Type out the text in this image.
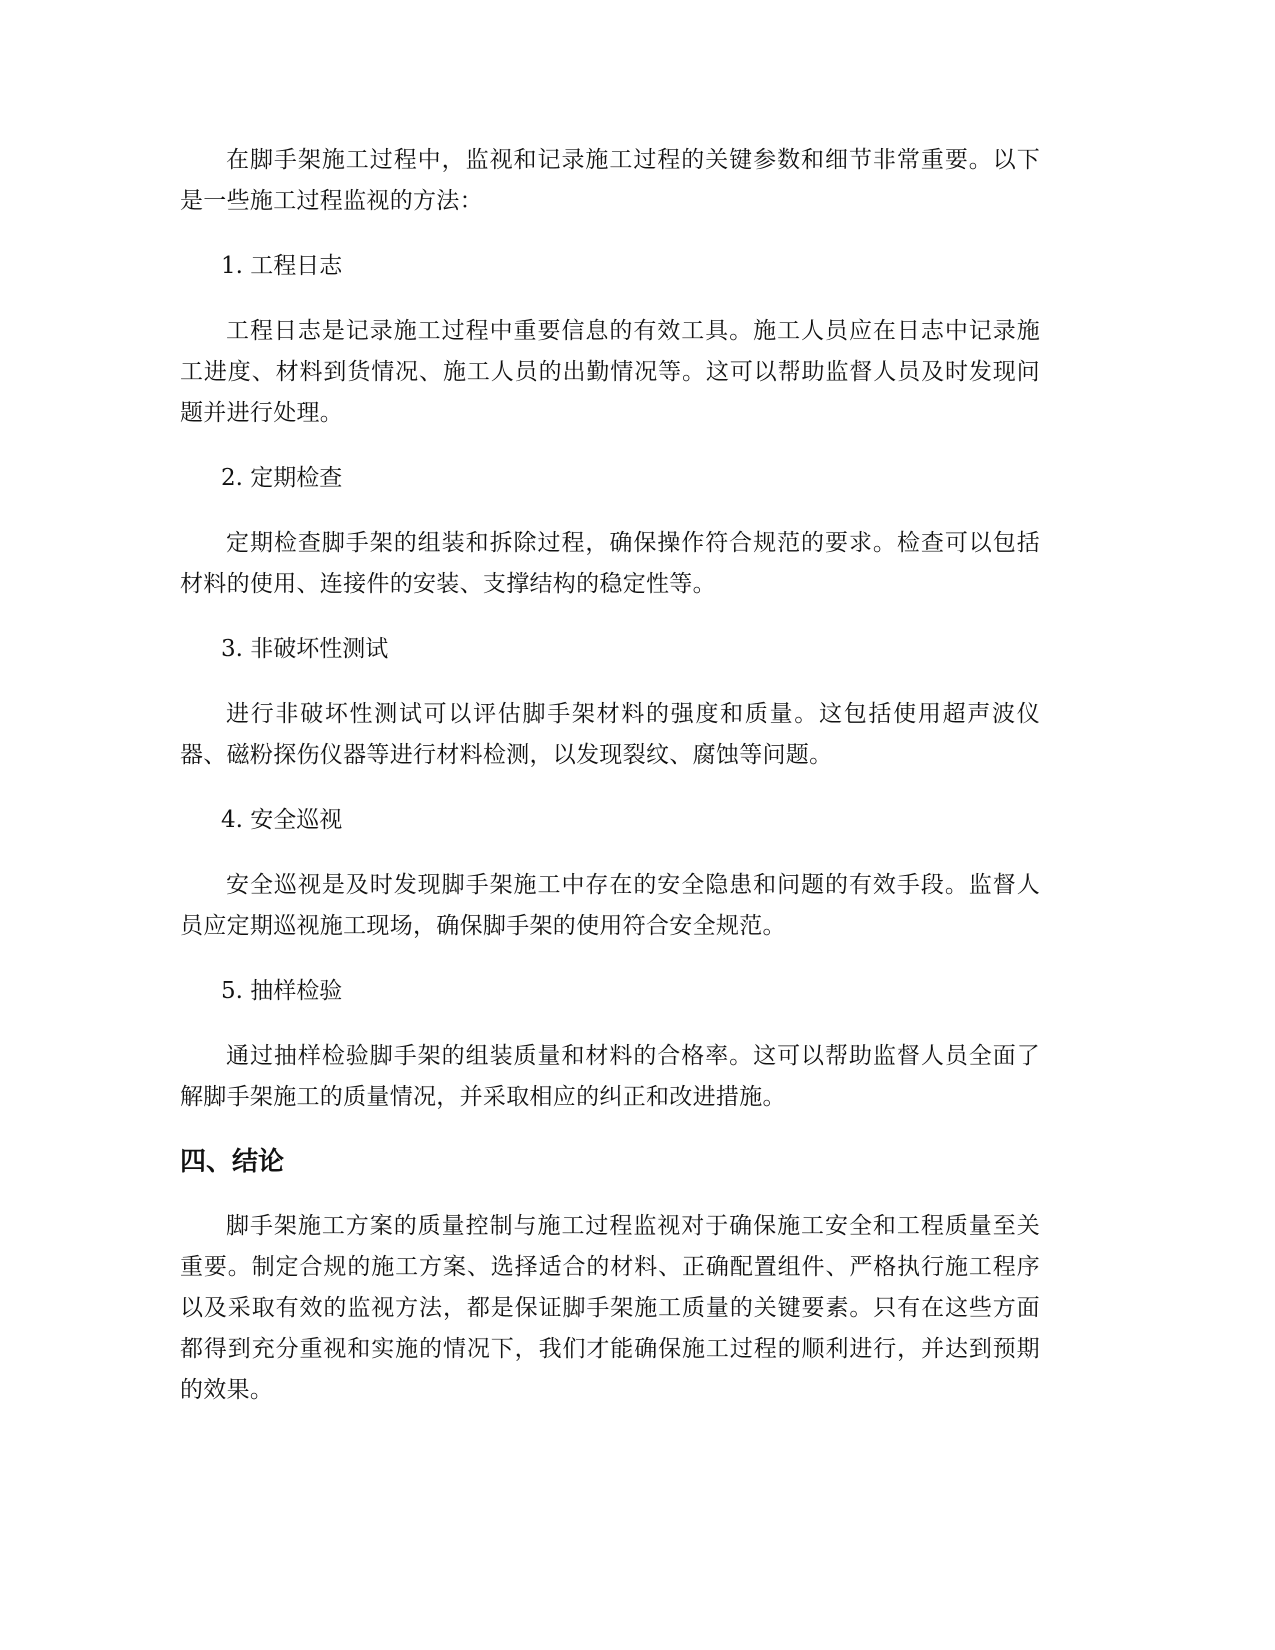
在脚手架施工过程中，监视和记录施工过程的关键参数和细节非常重要。以下是一些施工过程监视的方法：

1. 工程日志

工程日志是记录施工过程中重要信息的有效工具。施工人员应在日志中记录施工进度、材料到货情况、施工人员的出勤情况等。这可以帮助监督人员及时发现问题并进行处理。

2. 定期检查

定期检查脚手架的组装和拆除过程，确保操作符合规范的要求。检查可以包括材料的使用、连接件的安装、支撑结构的稳定性等。

3. 非破坏性测试

进行非破坏性测试可以评估脚手架材料的强度和质量。这包括使用超声波仪器、磁粉探伤仪器等进行材料检测，以发现裂纹、腐蚀等问题。

4. 安全巡视

安全巡视是及时发现脚手架施工中存在的安全隐患和问题的有效手段。监督人员应定期巡视施工现场，确保脚手架的使用符合安全规范。

5. 抽样检验

通过抽样检验脚手架的组装质量和材料的合格率。这可以帮助监督人员全面了解脚手架施工的质量情况，并采取相应的纠正和改进措施。

四、结论

脚手架施工方案的质量控制与施工过程监视对于确保施工安全和工程质量至关重要。制定合规的施工方案、选择适合的材料、正确配置组件、严格执行施工程序以及采取有效的监视方法，都是保证脚手架施工质量的关键要素。只有在这些方面都得到充分重视和实施的情况下，我们才能确保施工过程的顺利进行，并达到预期的效果。
